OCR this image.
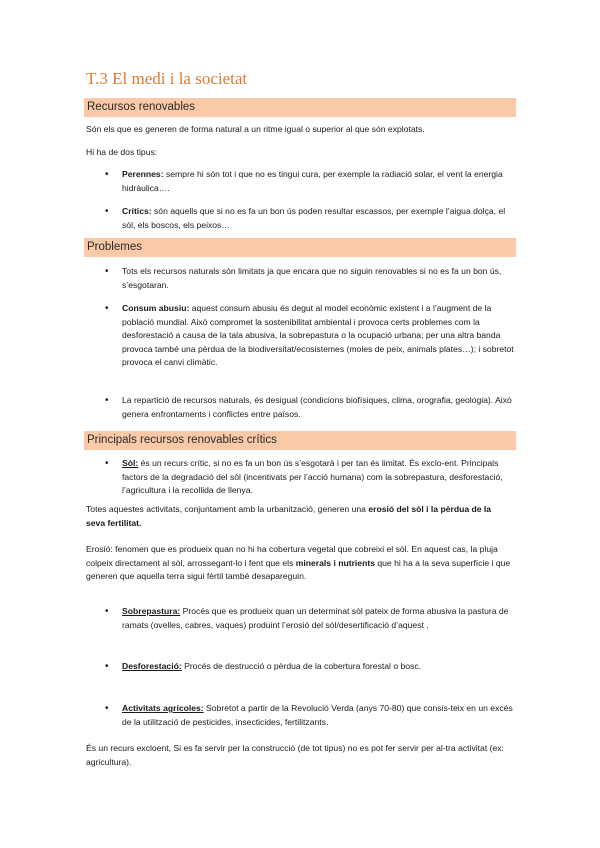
T.3 El medi i la societat
Recursos renovables

Són els que es generen de forma natural a un ritme igual o superior al que són explotats.

Hi ha de dos tipus:

• Perennes: sempre hi són tot i que no es tingui cura, per exemple la radiació solar, el vent la energia hidràulica….
• Crítics: són aquells que si no es fa un bon ús poden resultar escassos, per exemple l’aigua dolça, el sòl, els boscos, els peixos…
Problemes
• Tots els recursos naturals són limitats ja que encara que no siguin renovables si no es fa un bon ús, s’esgotaran.
• Consum abusiu: aquest consum abusiu és degut al model econòmic existent i a l’augment de la població mundial. Això compromet la sostenibilitat ambiental i provoca certs problemes com la desforestació a causa de la tala abusiva, la sobrepastura o la ocupació urbana; per una altra banda provoca també una pèrdua de la biodiversitat/ecosistemes (moles de peix, animals plates…); i sobretot provoca el canvi climàtic.
• La repartició de recursos naturals, és desigual (condicions biofísiques, clima, orografia, geologia). Això genera enfrontaments i conflictes entre països.
Principals recursos renovables crítics
• Sòl: és un recurs crític, si no es fa un bon ús s’esgotarà i per tan és limitat. És exclo-ent. Principals factors de la degradació del sòl (incentivats per l’acció humana) com la sobrepastura, desforestació, l’agricultura i la recollida de llenya.

Totes aquestes activitats, conjuntament amb la urbanització, generen una erosió del sòl i la pèrdua de la seva fertilitat.

Erosió: fenomen que es produeix quan no hi ha cobertura vegetal que cobreixi el sòl. En aquest cas, la pluja colpeix directament al sòl, arrossegant-lo i fent que els minerals i nutrients que hi ha a la seva superfície i que generen que aquella terra sigui fèrtil també desapareguin.

• Sobrepastura: Procés que es produeix quan un determinat sòl pateix de forma abusiva la pastura de ramats (ovelles, cabres, vaques) produint l’erosió del sòl/desertificació d’aquest .
• Desforestació: Procés de destrucció o pèrdua de la cobertura forestal o bosc.
• Activitats agrícoles: Sobretot a partir de la Revolució Verda (anys 70-80) que consis-teix en un excés de la utilització de pesticides, insecticides, fertilitzants.

És un recurs excloent, Si es fa servir per la construcció (de tot tipus) no es pot fer servir per al-tra activitat (ex: agricultura).
